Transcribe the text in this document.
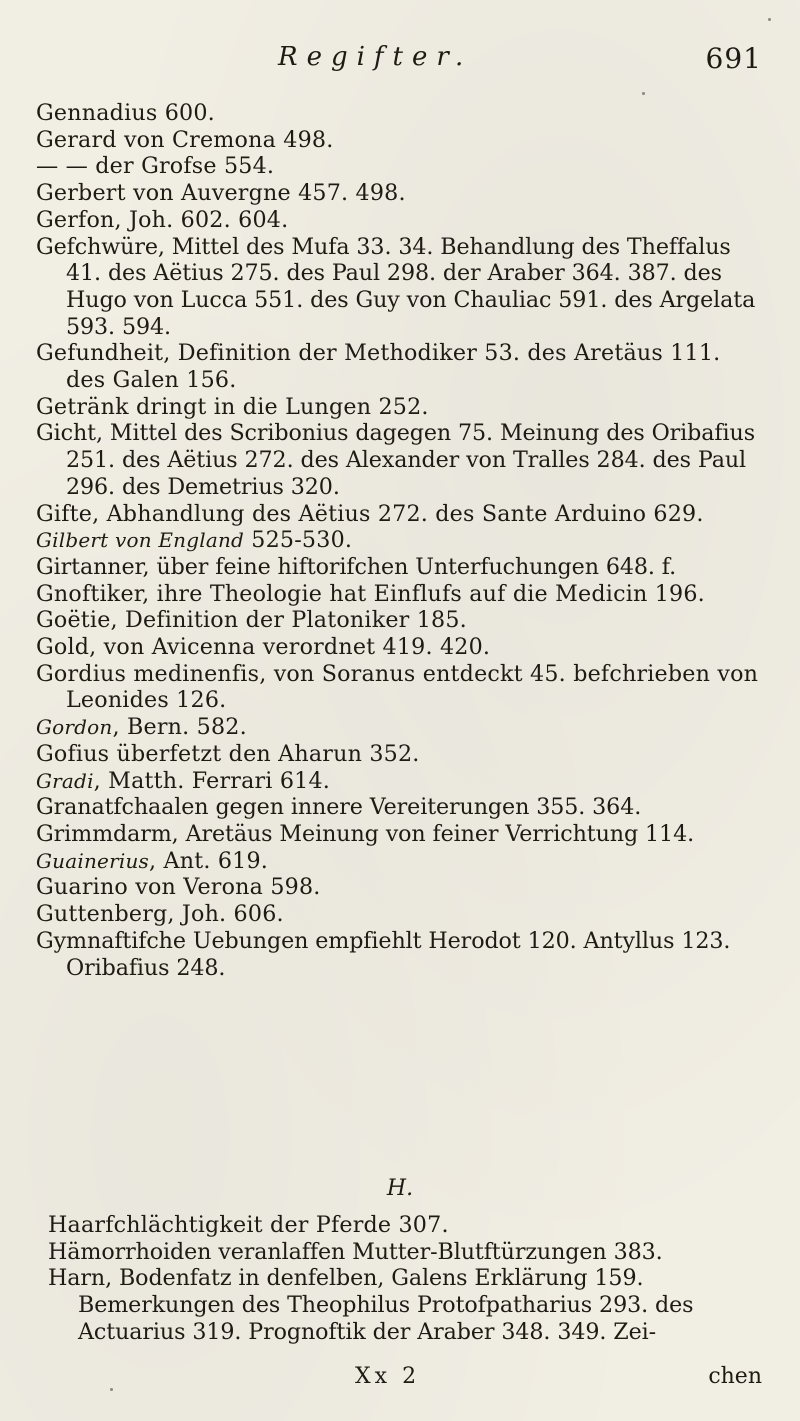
Regifter.	691

Gennadius 600.

Gerard von Cremona 498.

— — der Grofse 554.

Gerbert von Auvergne 457. 498.

Gerfon, Joh. 602. 604.

Gefchwüre, Mittel des Mufa 33. 34. Behandlung des Theffalus 41. des Aëtius 275. des Paul 298. der Araber 364. 387. des Hugo von Lucca 551. des Guy von Chauliac 591. des Argelata 593. 594.

Gefundheit, Definition der Methodiker 53. des Aretäus 111. des Galen 156.

Getränk dringt in die Lungen 252.

Gicht, Mittel des Scribonius dagegen 75. Meinung des Oribafius 251. des Aëtius 272. des Alexander von Tralles 284. des Paul 296. des Demetrius 320.

Gifte, Abhandlung des Aëtius 272. des Sante Arduino 629.

Gilbert von England 525-530.

Girtanner, über feine hiftorifchen Unterfuchungen 648. f.

Gnoftiker, ihre Theologie hat Einflufs auf die Medicin 196.

Goëtie, Definition der Platoniker 185.

Gold, von Avicenna verordnet 419. 420.

Gordius medinenfis, von Soranus entdeckt 45. befchrieben von Leonides 126.

Gordon, Bern. 582.

Gofius überfetzt den Aharun 352.

Gradi, Matth. Ferrari 614.

Granatfchaalen gegen innere Vereiterungen 355. 364.

Grimmdarm, Aretäus Meinung von feiner Verrichtung 114.

Guainerius, Ant. 619.

Guarino von Verona 598.

Guttenberg, Joh. 606.

Gymnaftifche Uebungen empfiehlt Herodot 120. Antyllus 123. Oribafius 248.

H.

Haarfchlächtigkeit der Pferde 307.

Hämorrhoiden veranlaffen Mutter-Blutftürzungen 383.

Harn, Bodenfatz in denfelben, Galens Erklärung 159. Bemerkungen des Theophilus Protofpatharius 293. des Actuarius 319. Prognoftik der Araber 348. 349. Zei-

Xx 2	chen
